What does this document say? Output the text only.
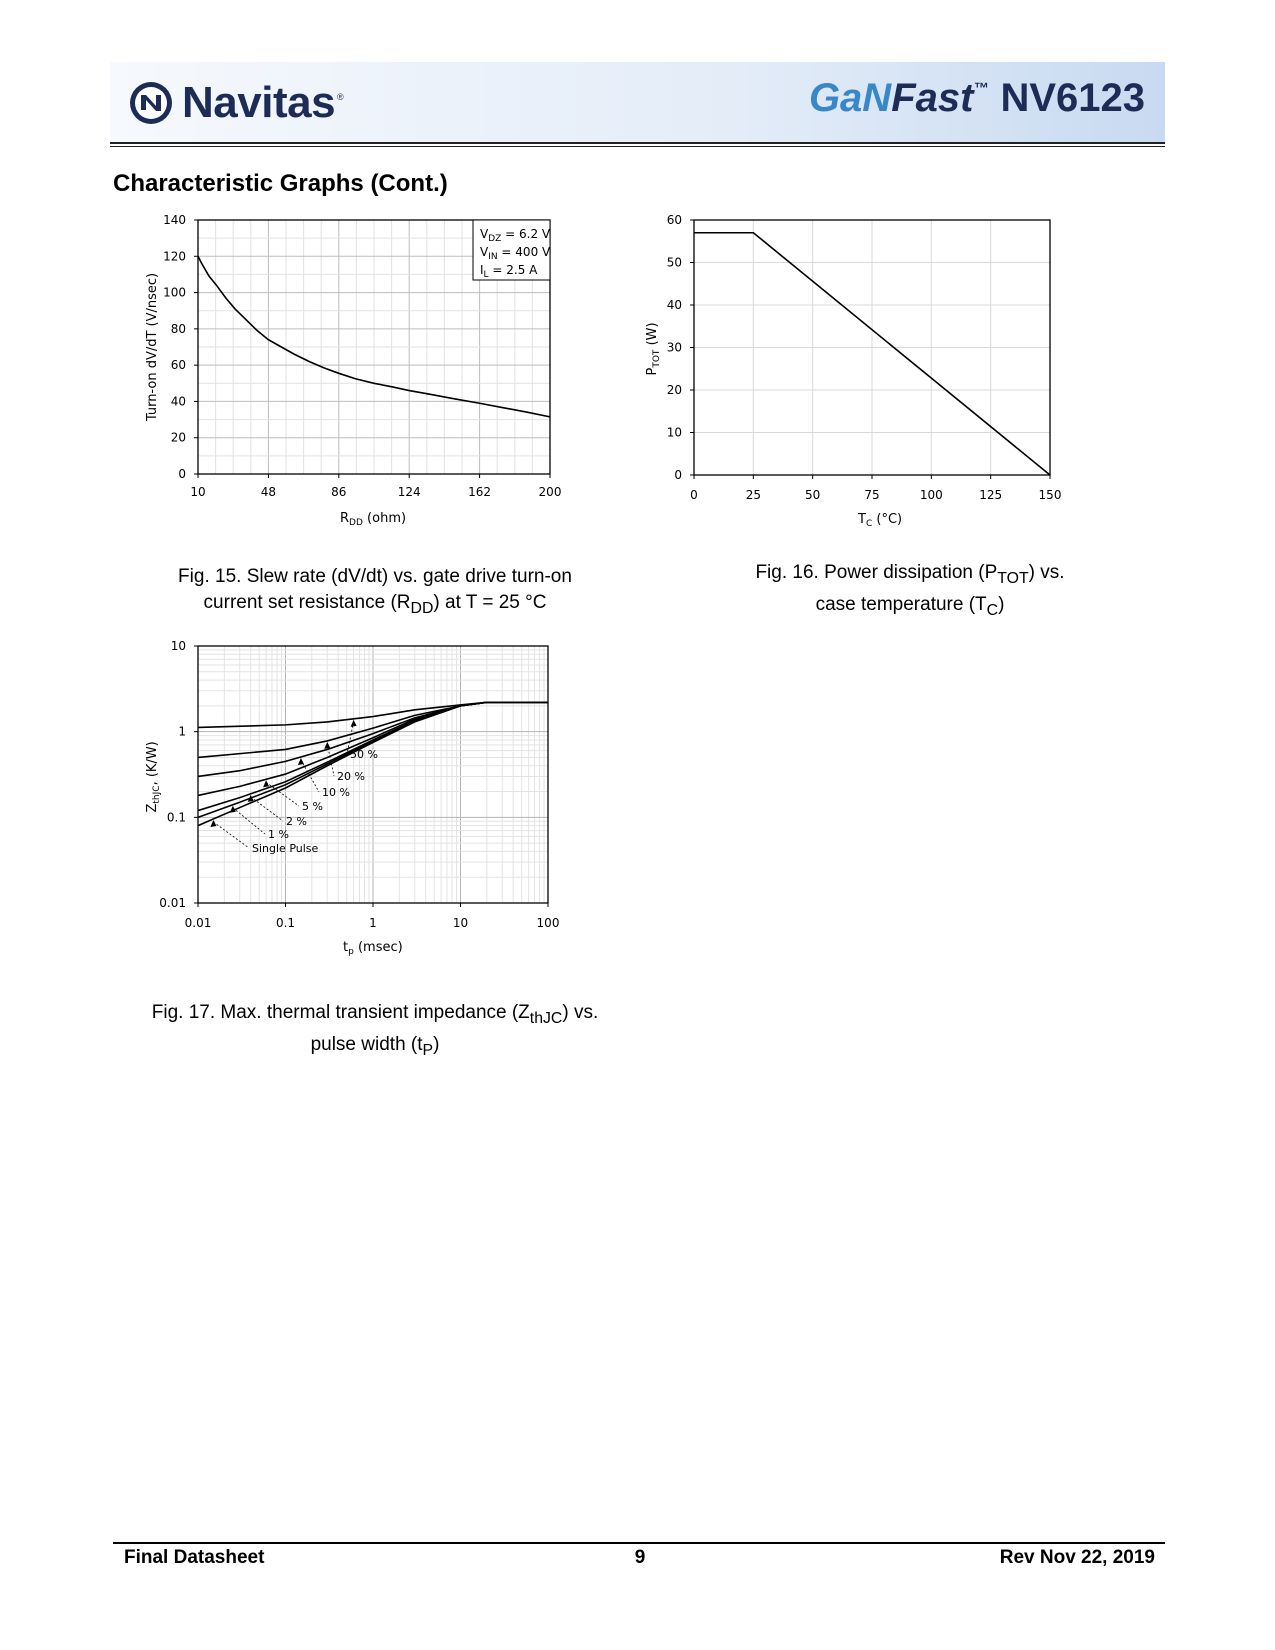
Navitas ®	GaN Fast ™ NV6123
Characteristic Graphs (Cont.)
10	48	86	124	162	200
0
20
40
60
80
100
120
140
Turn-on dV/dT (V/nsec)
$R_{DD}$ (ohm)
$V_{DZ} = 6.2$ V
$V_{IN} = 400$ V
$I_L = 2.5$ A
Fig. 15. Slew rate (dV/dt) vs. gate drive turn-on
current set resistance $(R_{DD})$ at T = 25 °C
0	25	50	75	100	125	150
0
10
20
30
40
50
60
$P_{TOT}$ (W)
$T_C$ (°C)
Fig. 16. Power dissipation $(P_{TOT})$ vs.
case temperature $(T_C)$
0.01	0.1	1	10	100
0.01
0.1
1
10
$Z_{thJC}$, (K/W)
$t_p$ (msec)
50 %
20 %
10 %
5 %
2 %
1 %
Single Pulse
Fig. 17. Max. thermal transient impedance $(Z_{thJC})$ vs.
pulse width $(t_P)$
Final Datasheet	9	Rev Nov 22, 2019
